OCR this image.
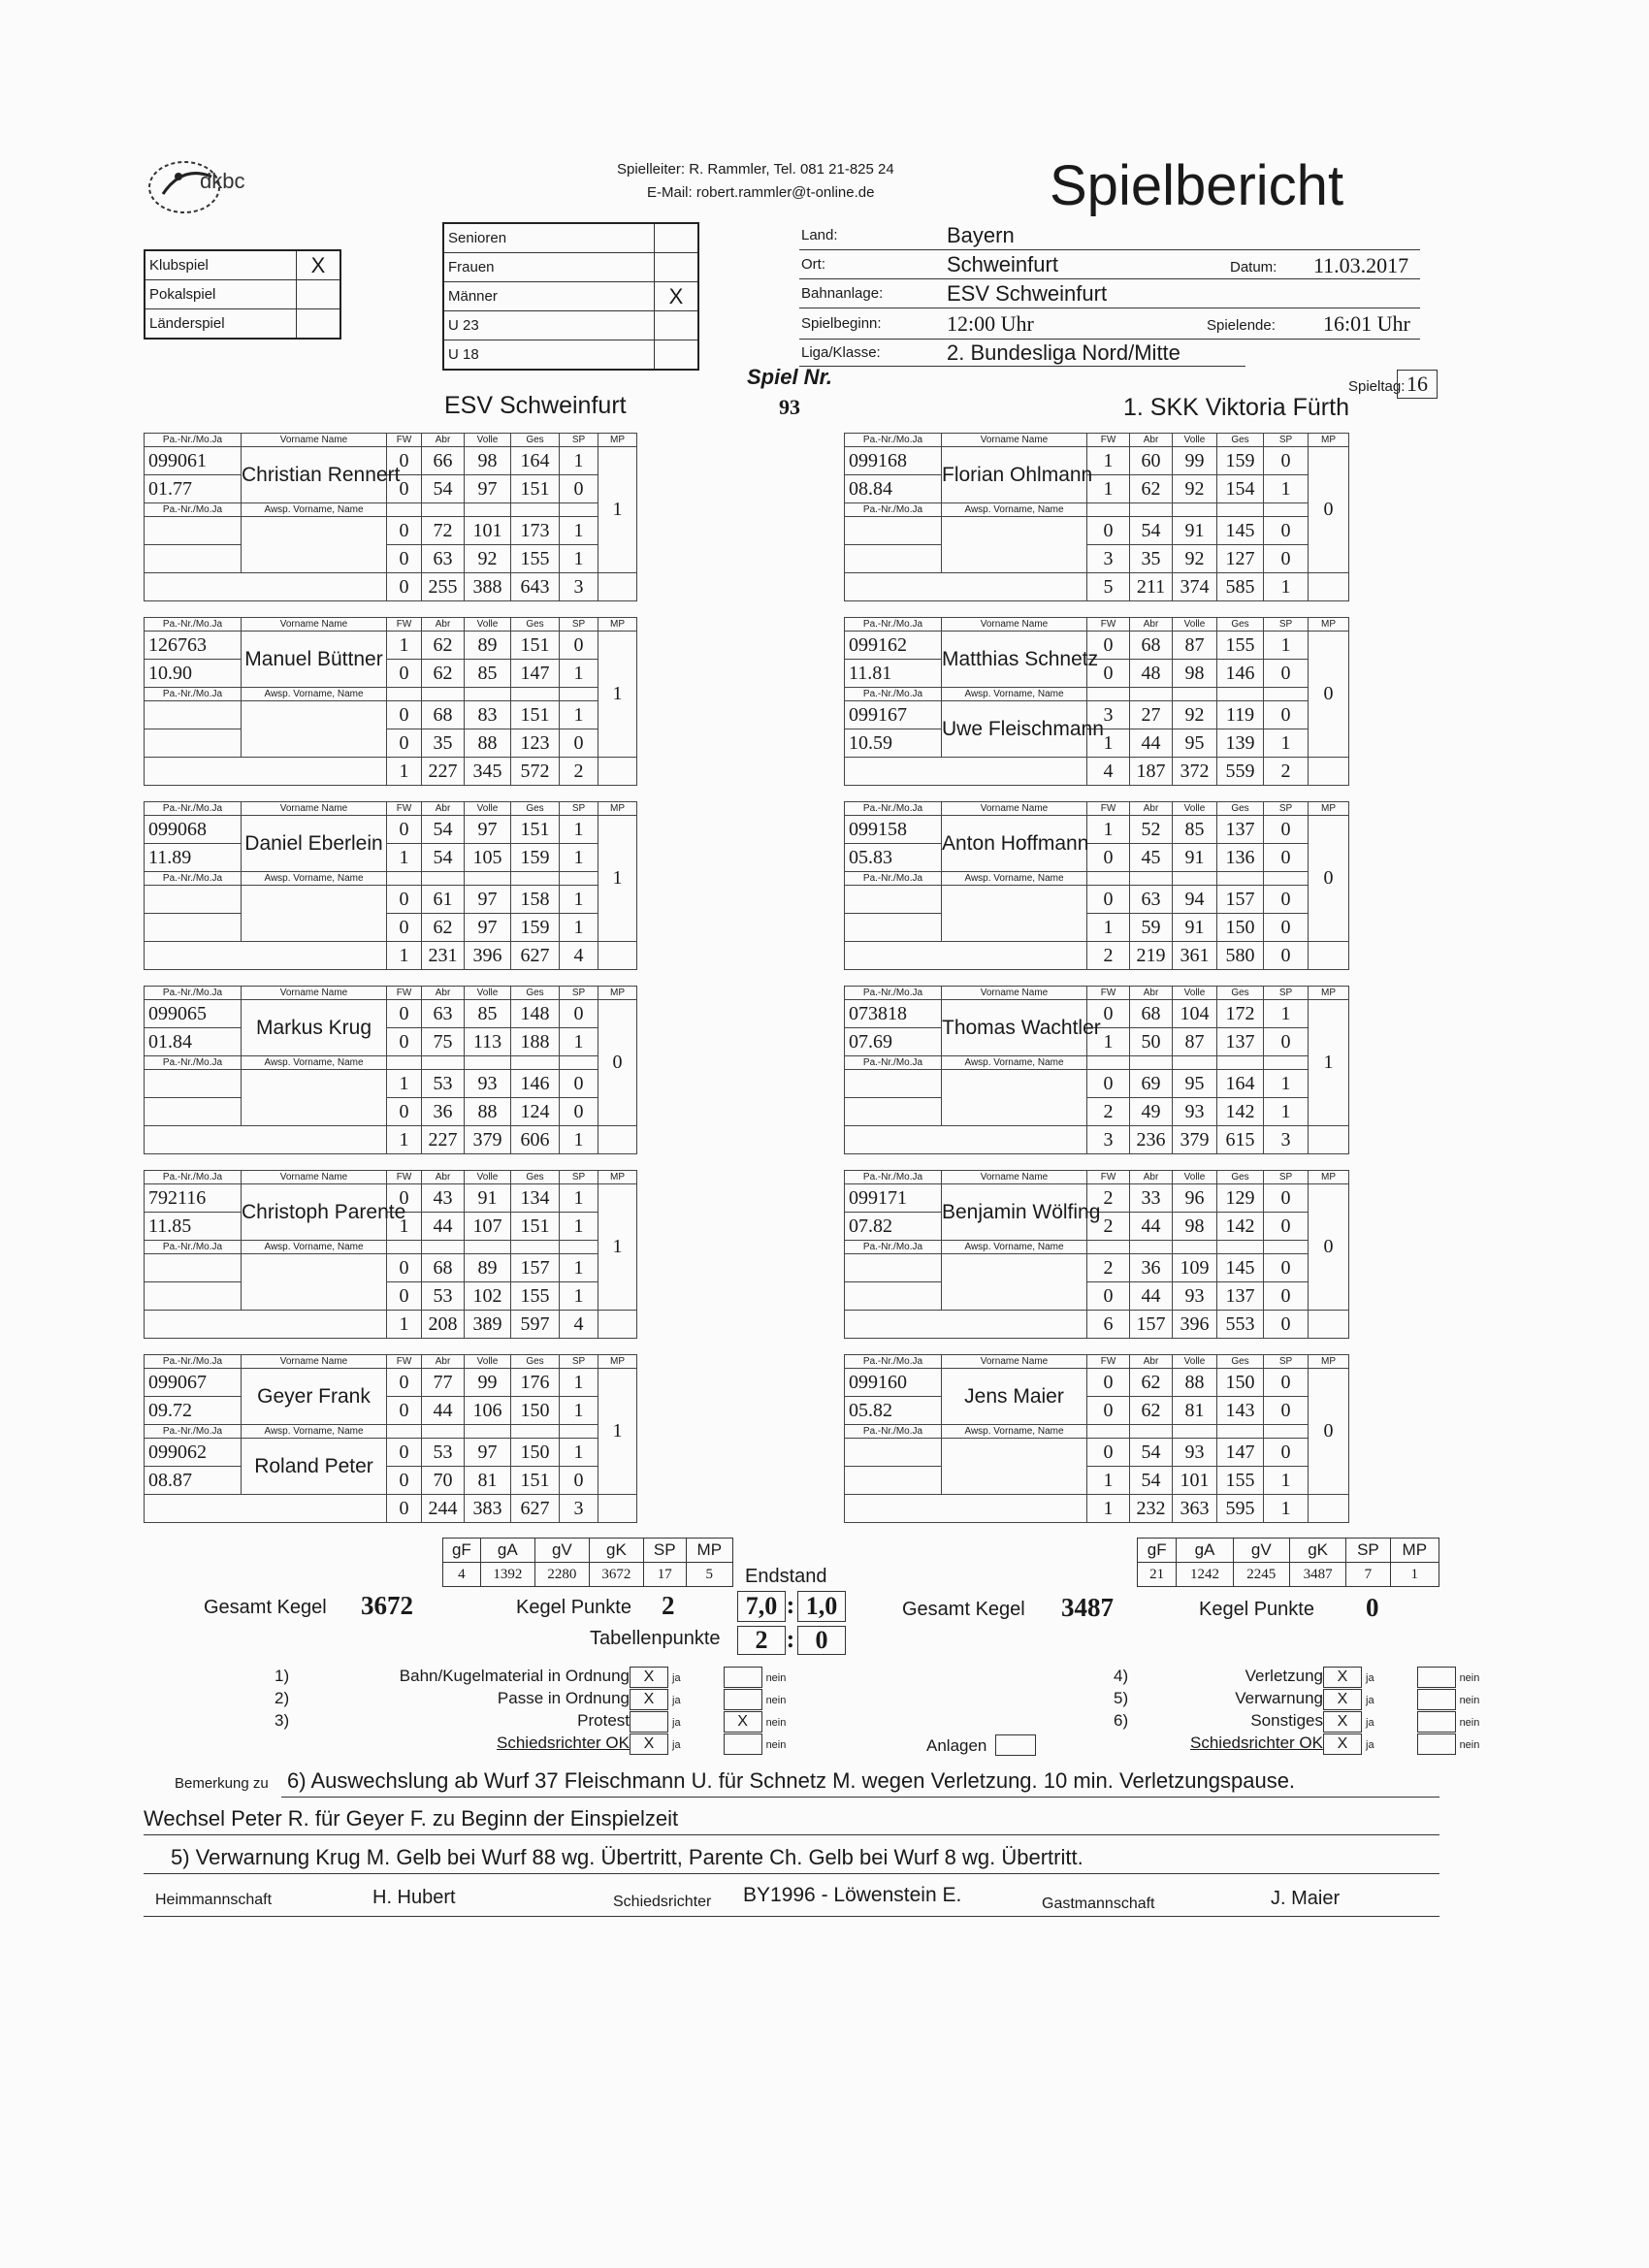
dkbc	Spielleiter: R. Rammler, Tel. 081 21-825 24
E-Mail: robert.rammler@t-online.de	Spielbericht
Klubspiel	X
Pokalspiel	
Länderspiel	
Senioren	
Frauen	
Männer	X
U 23	
U 18	
Land:	Bayern
Ort:	Schweinfurt	Datum: 11.03.2017
Bahnanlage:	ESV Schweinfurt
Spielbeginn:	12:00 Uhr	Spielende: 16:01 Uhr
Liga/Klasse:	2. Bundesliga Nord/Mitte
Spiel Nr.
93
Spieltag: 16
ESV Schweinfurt	1. SKK Viktoria Fürth
Pa.-Nr./Mo.Ja	Vorname Name	FW	Abr	Volle	Ges	SP	MP
099061	Christian Rennert	0	66	98	164	1	1
01.77		0	54	97	151	0	
Pa.-Nr./Mo.Ja	Awsp. Vorname, Name						
		0	72	101	173	1	
		0	63	92	155	1	
		0	255	388	643	3	
Pa.-Nr./Mo.Ja	Vorname Name	FW	Abr	Volle	Ges	SP	MP
126763	Manuel Büttner	1	62	89	151	0	1
10.90		0	62	85	147	1	
Pa.-Nr./Mo.Ja	Awsp. Vorname, Name						
		0	68	83	151	1	
		0	35	88	123	0	
		1	227	345	572	2	
Pa.-Nr./Mo.Ja	Vorname Name	FW	Abr	Volle	Ges	SP	MP
099068	Daniel Eberlein	0	54	97	151	1	1
11.89		1	54	105	159	1	
Pa.-Nr./Mo.Ja	Awsp. Vorname, Name						
		0	61	97	158	1	
		0	62	97	159	1	
		1	231	396	627	4	
Pa.-Nr./Mo.Ja	Vorname Name	FW	Abr	Volle	Ges	SP	MP
099065	Markus Krug	0	63	85	148	0	0
01.84		0	75	113	188	1	
Pa.-Nr./Mo.Ja	Awsp. Vorname, Name						
		1	53	93	146	0	
		0	36	88	124	0	
		1	227	379	606	1	
Pa.-Nr./Mo.Ja	Vorname Name	FW	Abr	Volle	Ges	SP	MP
792116	Christoph Parente	0	43	91	134	1	1
11.85		1	44	107	151	1	
Pa.-Nr./Mo.Ja	Awsp. Vorname, Name						
		0	68	89	157	1	
		0	53	102	155	1	
		1	208	389	597	4	
Pa.-Nr./Mo.Ja	Vorname Name	FW	Abr	Volle	Ges	SP	MP
099067	Geyer Frank	0	77	99	176	1	1
09.72		0	44	106	150	1	
Pa.-Nr./Mo.Ja	Awsp. Vorname, Name						
099062	Roland Peter	0	53	97	150	1	
08.87		0	70	81	151	0	
		0	244	383	627	3	
Pa.-Nr./Mo.Ja	Vorname Name	FW	Abr	Volle	Ges	SP	MP
099168	Florian Ohlmann	1	60	99	159	0	0
08.84		1	62	92	154	1	
Pa.-Nr./Mo.Ja	Awsp. Vorname, Name						
		0	54	91	145	0	
		3	35	92	127	0	
		5	211	374	585	1	
Pa.-Nr./Mo.Ja	Vorname Name	FW	Abr	Volle	Ges	SP	MP
099162	Matthias Schnetz	0	68	87	155	1	0
11.81		0	48	98	146	0	
Pa.-Nr./Mo.Ja	Awsp. Vorname, Name						
099167	Uwe Fleischmann	3	27	92	119	0	
10.59		1	44	95	139	1	
		4	187	372	559	2	
Pa.-Nr./Mo.Ja	Vorname Name	FW	Abr	Volle	Ges	SP	MP
099158	Anton Hoffmann	1	52	85	137	0	0
05.83		0	45	91	136	0	
Pa.-Nr./Mo.Ja	Awsp. Vorname, Name						
		0	63	94	157	0	
		1	59	91	150	0	
		2	219	361	580	0	
Pa.-Nr./Mo.Ja	Vorname Name	FW	Abr	Volle	Ges	SP	MP
073818	Thomas Wachtler	0	68	104	172	1	1
07.69		1	50	87	137	0	
Pa.-Nr./Mo.Ja	Awsp. Vorname, Name						
		0	69	95	164	1	
		2	49	93	142	1	
		3	236	379	615	3	
Pa.-Nr./Mo.Ja	Vorname Name	FW	Abr	Volle	Ges	SP	MP
099171	Benjamin Wölfing	2	33	96	129	0	0
07.82		2	44	98	142	0	
Pa.-Nr./Mo.Ja	Awsp. Vorname, Name						
		2	36	109	145	0	
		0	44	93	137	0	
		6	157	396	553	0	
Pa.-Nr./Mo.Ja	Vorname Name	FW	Abr	Volle	Ges	SP	MP
099160	Jens Maier	0	62	88	150	0	0
05.82		0	62	81	143	0	
Pa.-Nr./Mo.Ja	Awsp. Vorname, Name						
		0	54	93	147	0	
		1	54	101	155	1	
		1	232	363	595	1	
gF	gA	gV	gK	SP	MP
4	1392	2280	3672	17	5
gF	gA	gV	gK	SP	MP
21	1242	2245	3487	7	1
Endstand
Gesamt Kegel 3672	Kegel Punkte 2	7,0 : 1,0
Tabellenpunkte	2 : 0
Gesamt Kegel 3487	Kegel Punkte 0
1)	Bahn/Kugelmaterial in Ordnung X ja	nein
2)	Passe in Ordnung X ja	nein
3)	Protest	ja	X nein
Schiedsrichter OK X ja	nein
4)	Verletzung X ja	nein
5)	Verwarnung X ja	nein
6)	Sonstiges X ja	nein
Schiedsrichter OK X ja	nein
Anlagen
Bemerkung zu 6) Auswechslung ab Wurf 37 Fleischmann U. für Schnetz M. wegen Verletzung. 10 min. Verletzungspause.
Wechsel Peter R. für Geyer F. zu Beginn der Einspielzeit
5) Verwarnung Krug M. Gelb bei Wurf 88 wg. Übertritt, Parente Ch. Gelb bei Wurf 8 wg. Übertritt.
Heimmannschaft	H. Hubert	Schiedsrichter BY1996 - Löwenstein E.	Gastmannschaft	J. Maier
